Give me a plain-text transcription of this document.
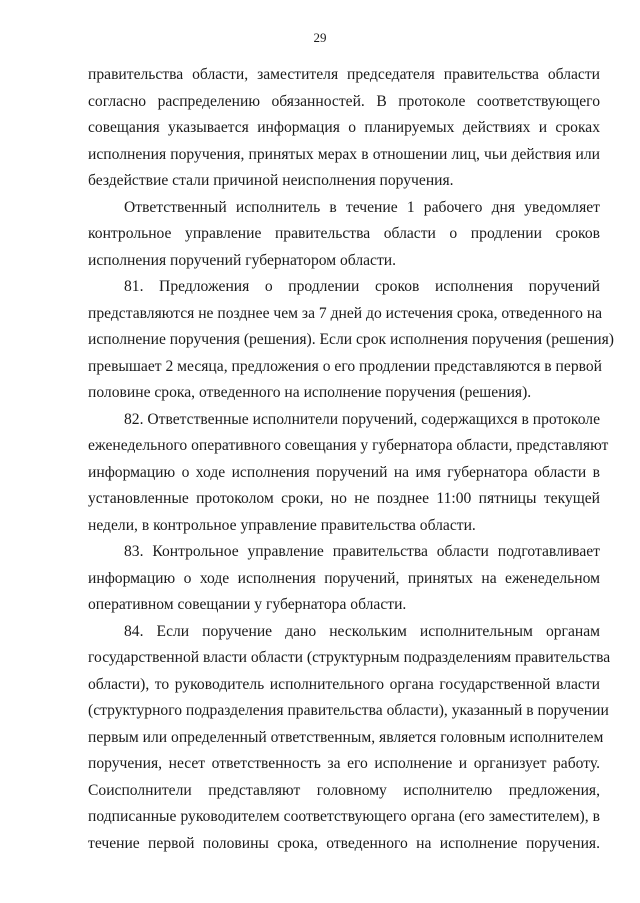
29
правительства области, заместителя председателя правительства области
согласно распределению обязанностей. В протоколе соответствующего
совещания указывается информация о планируемых действиях и сроках
исполнения поручения, принятых мерах в отношении лиц, чьи действия или
бездействие стали причиной неисполнения поручения.
Ответственный исполнитель в течение 1 рабочего дня уведомляет
контрольное управление правительства области о продлении сроков
исполнения поручений губернатором области.
81. Предложения о продлении сроков исполнения поручений
представляются не позднее чем за 7 дней до истечения срока, отведенного на
исполнение поручения (решения). Если срок исполнения поручения (решения)
превышает 2 месяца, предложения о его продлении представляются в первой
половине срока, отведенного на исполнение поручения (решения).
82. Ответственные исполнители поручений, содержащихся в протоколе
еженедельного оперативного совещания у губернатора области, представляют
информацию о ходе исполнения поручений на имя губернатора области в
установленные протоколом сроки, но не позднее 11:00 пятницы текущей
недели, в контрольное управление правительства области.
83. Контрольное управление правительства области подготавливает
информацию о ходе исполнения поручений, принятых на еженедельном
оперативном совещании у губернатора области.
84. Если поручение дано нескольким исполнительным органам
государственной власти области (структурным подразделениям правительства
области), то руководитель исполнительного органа государственной власти
(структурного подразделения правительства области), указанный в поручении
первым или определенный ответственным, является головным исполнителем
поручения, несет ответственность за его исполнение и организует работу.
Соисполнители представляют головному исполнителю предложения,
подписанные руководителем соответствующего органа (его заместителем), в
течение первой половины срока, отведенного на исполнение поручения.
